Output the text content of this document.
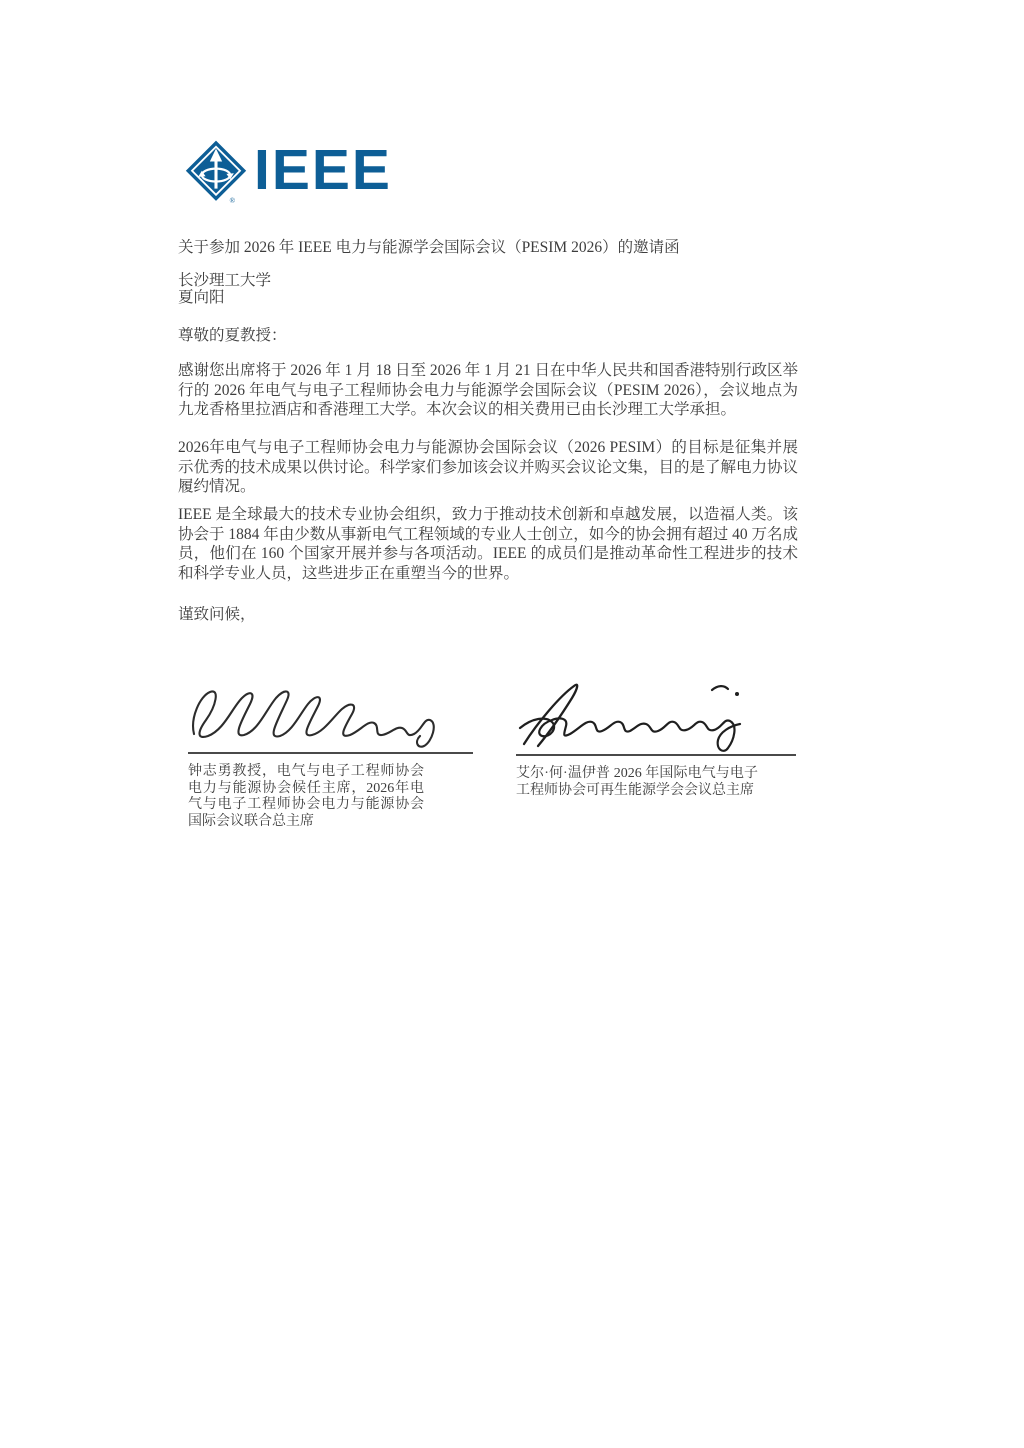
® IEEE
关于参加 2026 年 IEEE 电力与能源学会国际会议（PESIM 2026）的邀请函
长沙理工大学
夏向阳
尊敬的夏教授：

感谢您出席将于 2026 年 1 月 18 日至 2026 年 1 月 21 日在中华人民共和国香港特别行政区举行的 2026 年电气与电子工程师协会电力与能源学会国际会议（PESIM 2026），会议地点为九龙香格里拉酒店和香港理工大学。本次会议的相关费用已由长沙理工大学承担。

2026年电气与电子工程师协会电力与能源协会国际会议（2026 PESIM）的目标是征集并展示优秀的技术成果以供讨论。科学家们参加该会议并购买会议论文集，目的是了解电力协议履约情况。

IEEE 是全球最大的技术专业协会组织，致力于推动技术创新和卓越发展，以造福人类。该协会于 1884 年由少数从事新电气工程领域的专业人士创立，如今的协会拥有超过 40 万名成员，他们在 160 个国家开展并参与各项活动。IEEE 的成员们是推动革命性工程进步的技术和科学专业人员，这些进步正在重塑当今的世界。

谨致问候，
钟志勇教授，电气与电子工程师协会电力与能源协会候任主席，2026年电气与电子工程师协会电力与能源协会国际会议联合总主席
艾尔·何·温伊普 2026 年国际电气与电子工程师协会可再生能源学会会议总主席
